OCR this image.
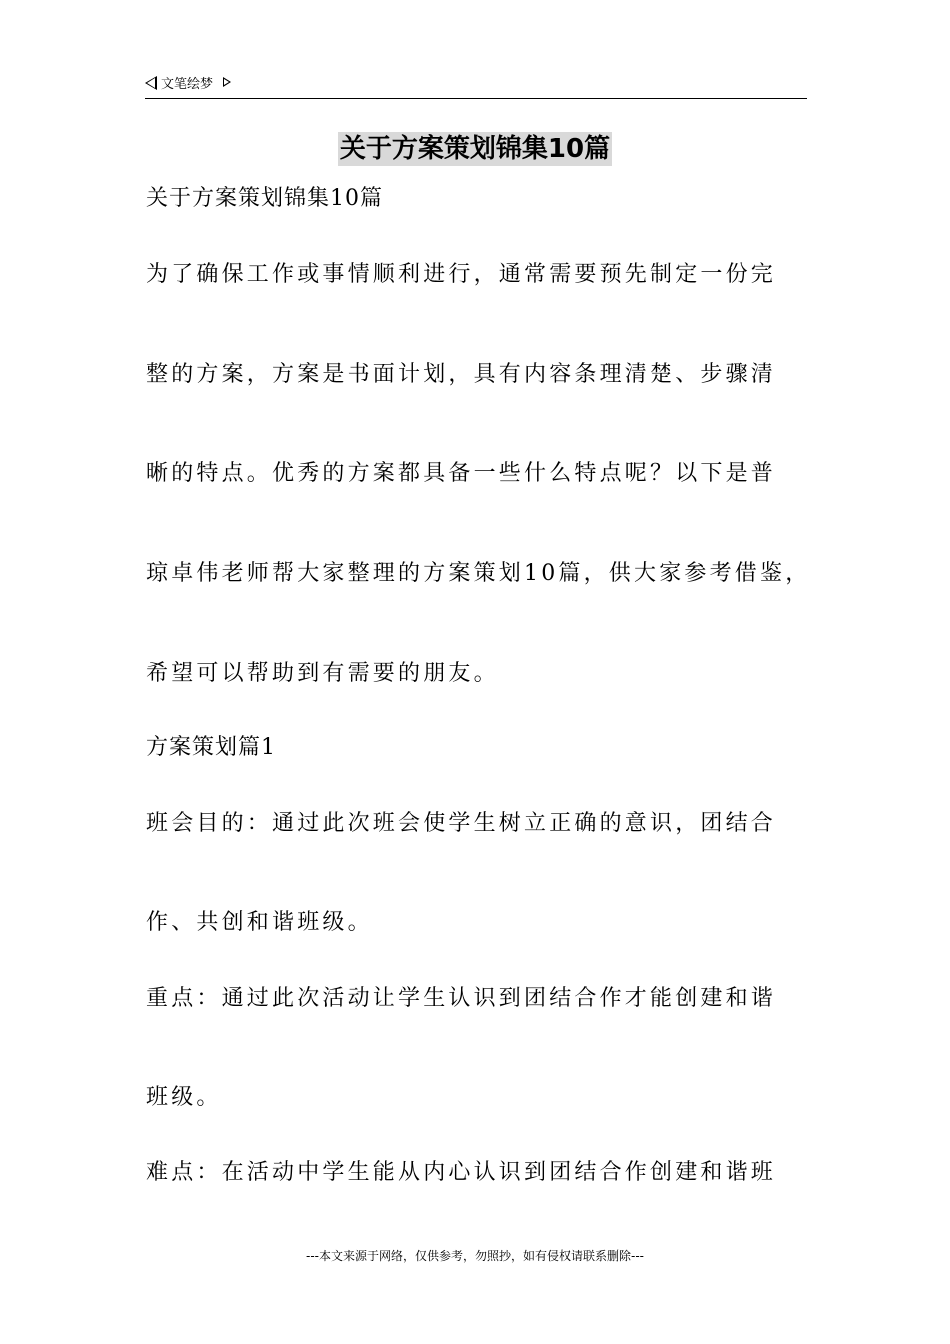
文笔绘梦
关于方案策划锦集10篇
关于方案策划锦集10篇
为了确保工作或事情顺利进行，通常需要预先制定一份完
整的方案，方案是书面计划，具有内容条理清楚、步骤清
晰的特点。优秀的方案都具备一些什么特点呢？以下是普
琼卓伟老师帮大家整理的方案策划10篇，供大家参考借鉴，
希望可以帮助到有需要的朋友。
方案策划篇1
班会目的：通过此次班会使学生树立正确的意识，团结合
作、共创和谐班级。
重点：通过此次活动让学生认识到团结合作才能创建和谐
班级。
难点：在活动中学生能从内心认识到团结合作创建和谐班
---本文来源于网络，仅供参考，勿照抄，如有侵权请联系删除---
